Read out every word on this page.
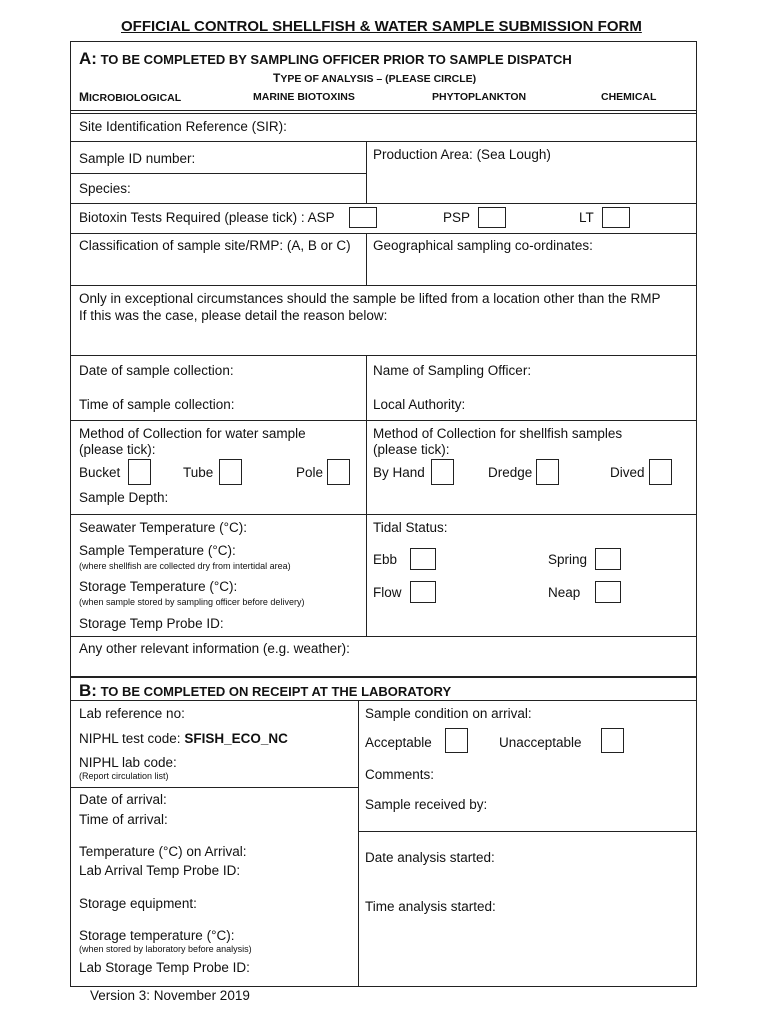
OFFICIAL CONTROL SHELLFISH & WATER SAMPLE SUBMISSION FORM
A: TO BE COMPLETED BY SAMPLING OFFICER PRIOR TO SAMPLE DISPATCH
TYPE OF ANALYSIS – (PLEASE CIRCLE)
MICROBIOLOGICAL	MARINE BIOTOXINS	PHYTOPLANKTON	CHEMICAL
Site Identification Reference (SIR):
Sample ID number:	Production Area: (Sea Lough)
Species:
Biotoxin Tests Required (please tick) : ASP	PSP	LT
Classification of sample site/RMP: (A, B or C) Geographical sampling co-ordinates:
Only in exceptional circumstances should the sample be lifted from a location other than the RMP
If this was the case, please detail the reason below:
Date of sample collection:	Name of Sampling Officer:
Time of sample collection:	Local Authority:
Method of Collection for water sample
(please tick):
Bucket	Tube	Pole
Sample Depth:
Method of Collection for shellfish samples
(please tick):
By Hand	Dredge	Dived
Seawater Temperature (°C):
Sample Temperature (°C):
(where shellfish are collected dry from intertidal area)
Storage Temperature (°C):
(when sample stored by sampling officer before delivery)
Storage Temp Probe ID:
Tidal Status:
Ebb	Spring
Flow	Neap
Any other relevant information (e.g. weather):
B: TO BE COMPLETED ON RECEIPT AT THE LABORATORY
Lab reference no:
NIPHL test code: SFISH_ECO_NC
NIPHL lab code:
(Report circulation list)
Sample condition on arrival:
Acceptable	Unacceptable
Comments:
Date of arrival:
Time of arrival:
Sample received by:
Temperature (°C) on Arrival:
Lab Arrival Temp Probe ID:
Date analysis started:
Storage equipment:	Time analysis started:
Storage temperature (°C):
(when stored by laboratory before analysis)
Lab Storage Temp Probe ID:
Version 3: November 2019
